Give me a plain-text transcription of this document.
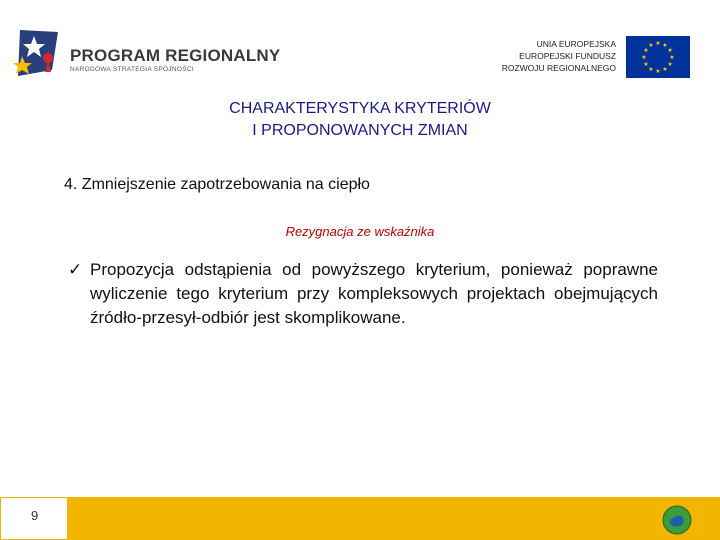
PROGRAM REGIONALNY
NARODOWA STRATEGIA SPÓJNOŚCI
UNIA EUROPEJSKA
EUROPEJSKI FUNDUSZ
ROZWOJU REGIONALNEGO
★ ★
★
★
★
★
★
★
★
★
★
★
CHARAKTERYSTYKA KRYTERIÓW
I PROPONOWANYCH ZMIAN
4. Zmniejszenie zapotrzebowania na ciepło
Rezygnacja ze wskaźnika
✓ Propozycja odstąpienia od powyższego kryterium, ponieważ poprawne wyliczenie tego kryterium przy kompleksowych projektach obejmujących źródło-przesył-odbiór jest skomplikowane.
9
